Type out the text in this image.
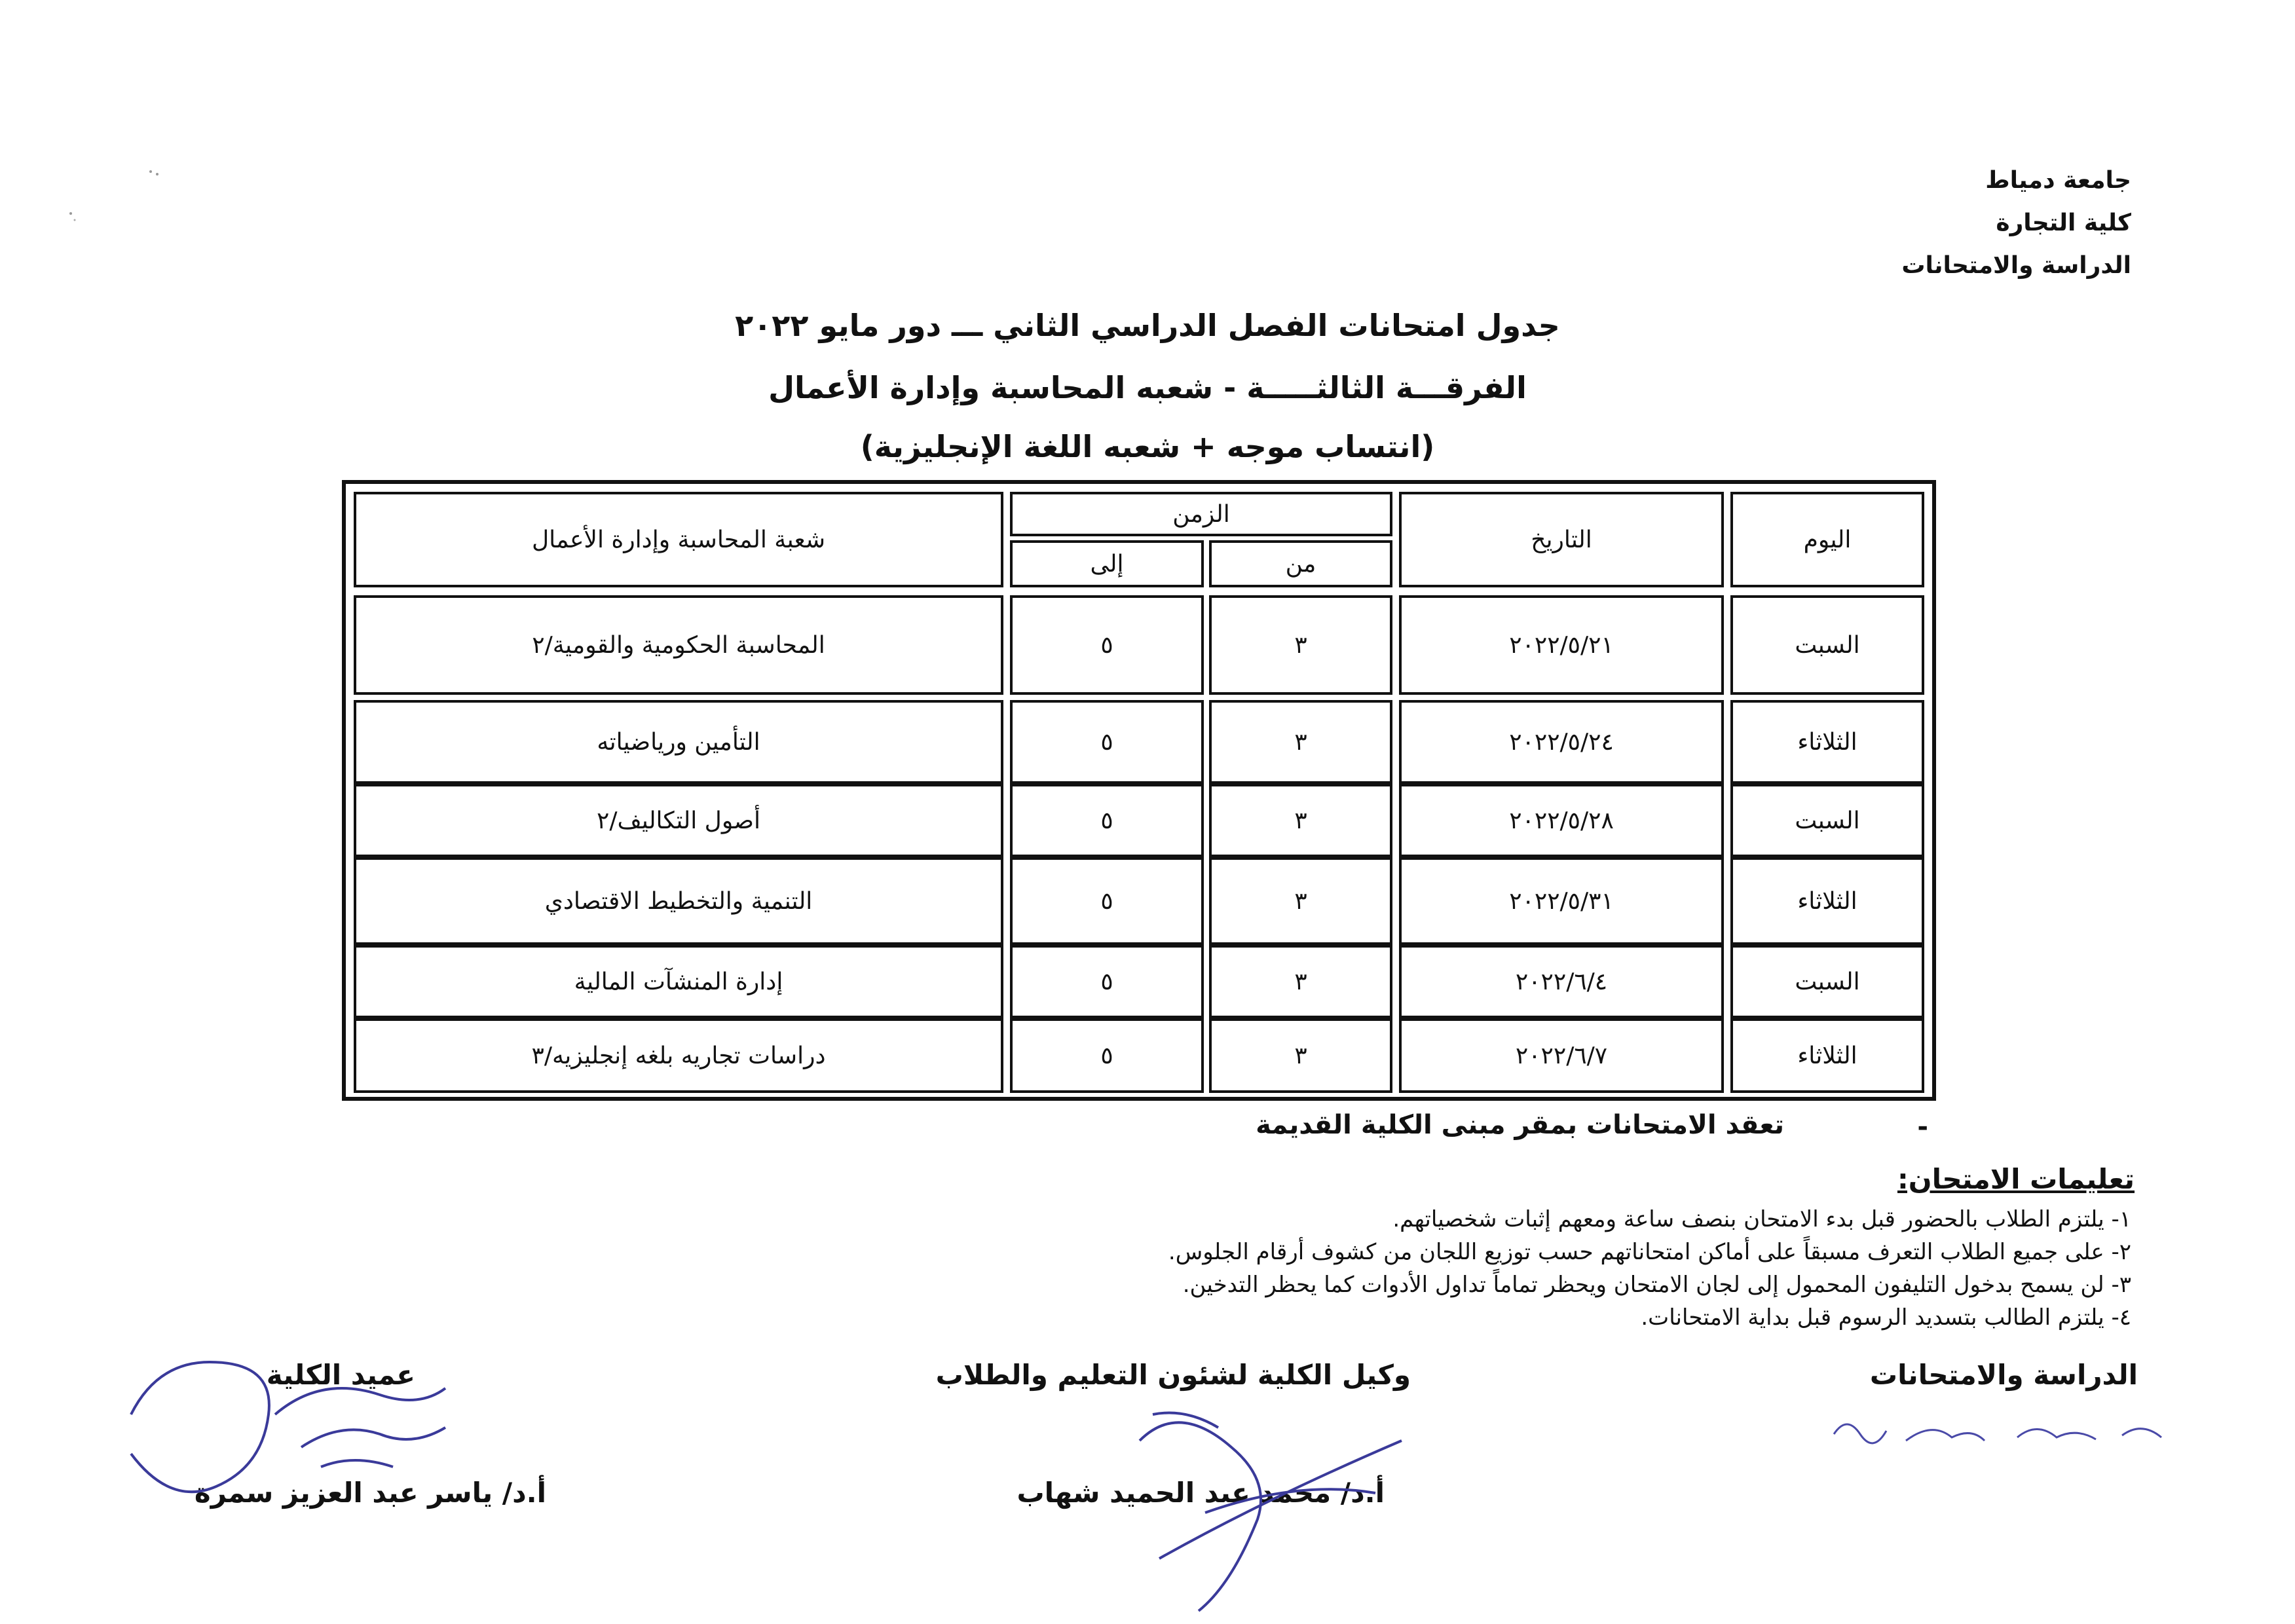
جامعة دمياط
كلية التجارة
الدراسة والامتحانات
جدول امتحانات الفصل الدراسي الثاني ـــ دور مايو ٢٠٢٢
الفرقـــة الثالثـــــة - شعبه المحاسبة وإدارة الأعمال
(انتساب موجه + شعبه اللغة الإنجليزية)
اليوم
التاريخ
الزمن
من
إلى
شعبة المحاسبة وإدارة الأعمال
السبت
٢٠٢٢/٥/٢١
٣
٥
المحاسبة الحكومية والقومية/٢
الثلاثاء
٢٠٢٢/٥/٢٤
٣
٥
التأمين ورياضياته
السبت
٢٠٢٢/٥/٢٨
٣
٥
أصول التكاليف/٢
الثلاثاء
٢٠٢٢/٥/٣١
٣
٥
التنمية والتخطيط الاقتصادي
السبت
٢٠٢٢/٦/٤
٣
٥
إدارة المنشآت المالية
الثلاثاء
٢٠٢٢/٦/٧
٣
٥
دراسات تجاريه بلغه إنجليزيه/٣
-
تعقد الامتحانات بمقر مبنى الكلية القديمة
تعليمات الامتحان:
١- يلتزم الطلاب بالحضور قبل بدء الامتحان بنصف ساعة ومعهم إثبات شخصياتهم.
٢- على جميع الطلاب التعرف مسبقاً على أماكن امتحاناتهم حسب توزيع اللجان من كشوف أرقام الجلوس.
٣- لن يسمح بدخول التليفون المحمول إلى لجان الامتحان ويحظر تماماً تداول الأدوات كما يحظر التدخين.
٤- يلتزم الطالب بتسديد الرسوم قبل بداية الامتحانات.
الدراسة والامتحانات
وكيل الكلية لشئون التعليم والطلاب
عميد الكلية
أ.د/ محمد عبد الحميد شهاب
أ.د/ ياسر عبد العزيز سمرة
